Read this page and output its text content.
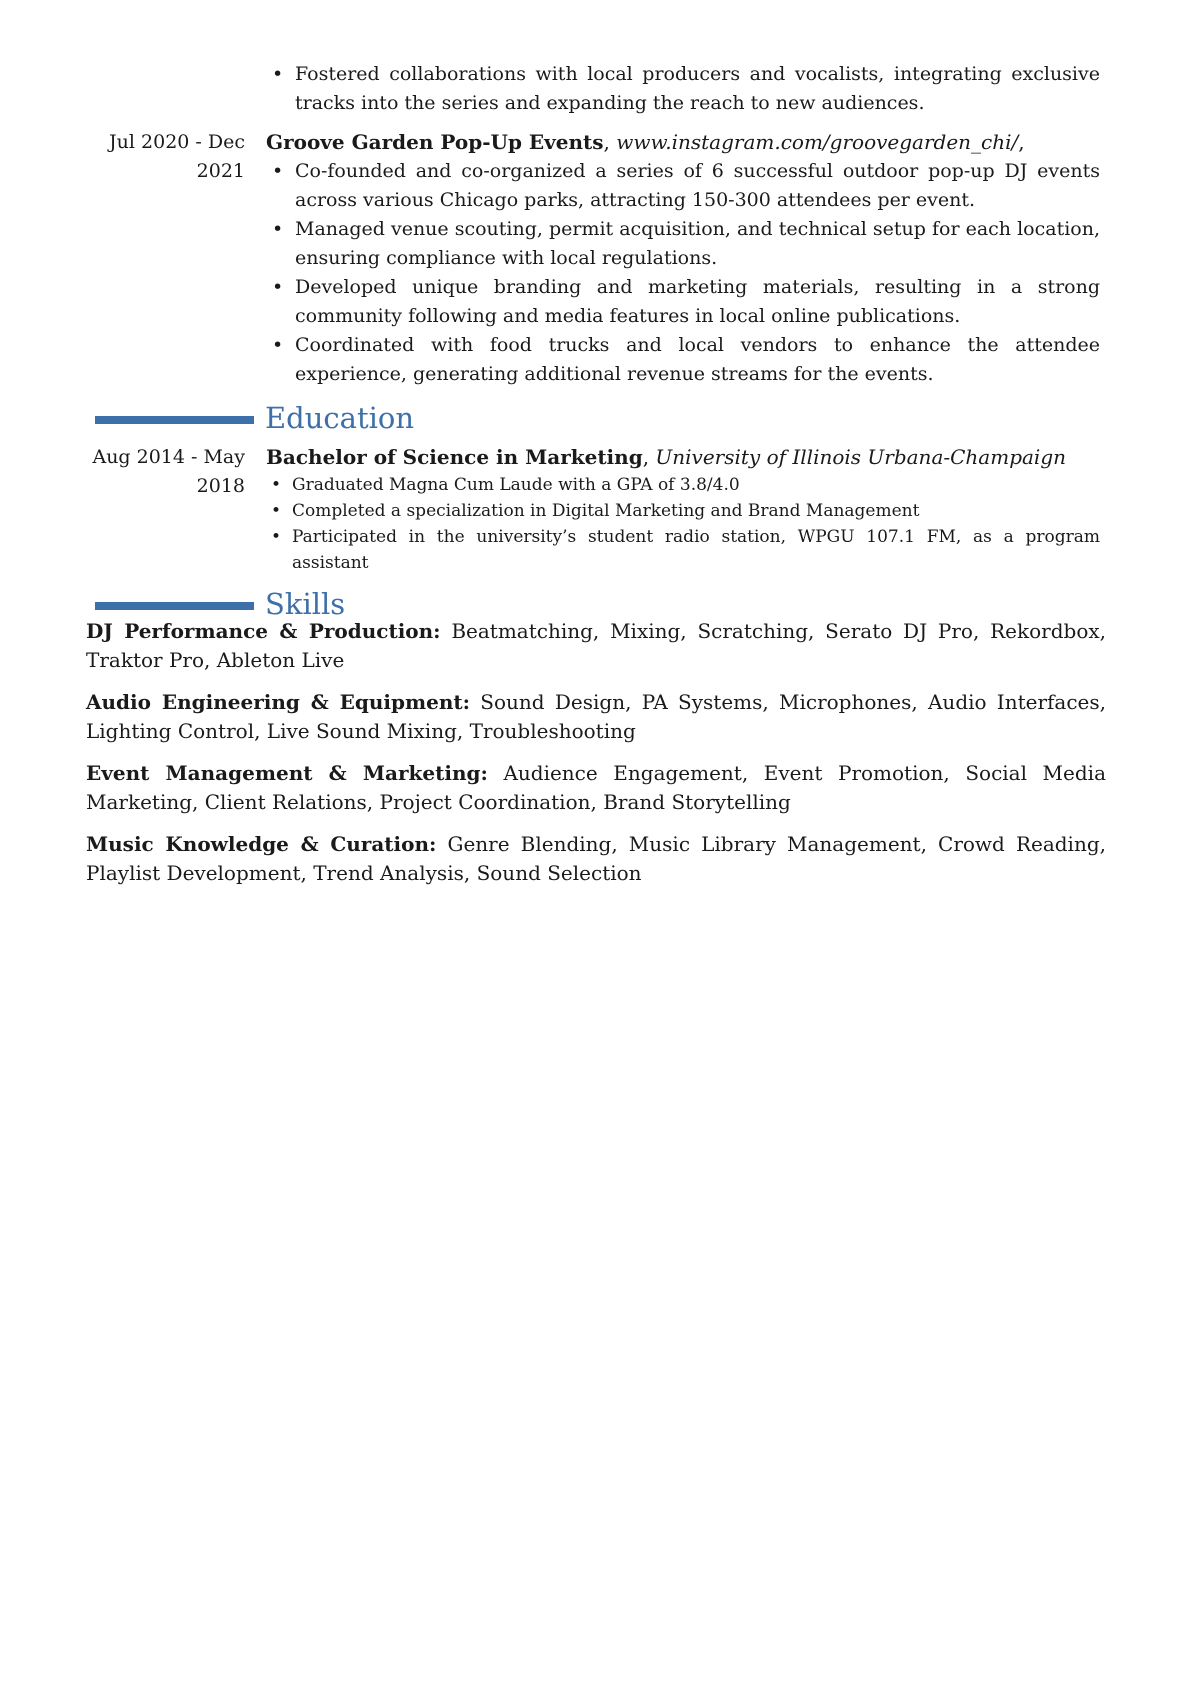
• Fostered collaborations with local producers and vocalists, integrating exclusive tracks into the series and expanding the reach to new audiences.
Jul 2020 - Dec 2021
Groove Garden Pop-Up Events, www.instagram.com/groovegarden_chi/,
• Co-founded and co-organized a series of 6 successful outdoor pop-up DJ events across various Chicago parks, attracting 150-300 attendees per event.
• Managed venue scouting, permit acquisition, and technical setup for each location, ensuring compliance with local regulations.
• Developed unique branding and marketing materials, resulting in a strong community following and media features in local online publications.
• Coordinated with food trucks and local vendors to enhance the attendee experience, generating additional revenue streams for the events.
Education
Aug 2014 - May 2018
Bachelor of Science in Marketing, University of Illinois Urbana-Champaign
• Graduated Magna Cum Laude with a GPA of 3.8/4.0
• Completed a specialization in Digital Marketing and Brand Management
• Participated in the university’s student radio station, WPGU 107.1 FM, as a program assistant
Skills
DJ Performance & Production: Beatmatching, Mixing, Scratching, Serato DJ Pro, Rekordbox, Traktor Pro, Ableton Live
Audio Engineering & Equipment: Sound Design, PA Systems, Microphones, Audio Interfaces, Lighting Control, Live Sound Mixing, Troubleshooting
Event Management & Marketing: Audience Engagement, Event Promotion, Social Media Marketing, Client Relations, Project Coordination, Brand Storytelling
Music Knowledge & Curation: Genre Blending, Music Library Management, Crowd Reading, Playlist Development, Trend Analysis, Sound Selection
